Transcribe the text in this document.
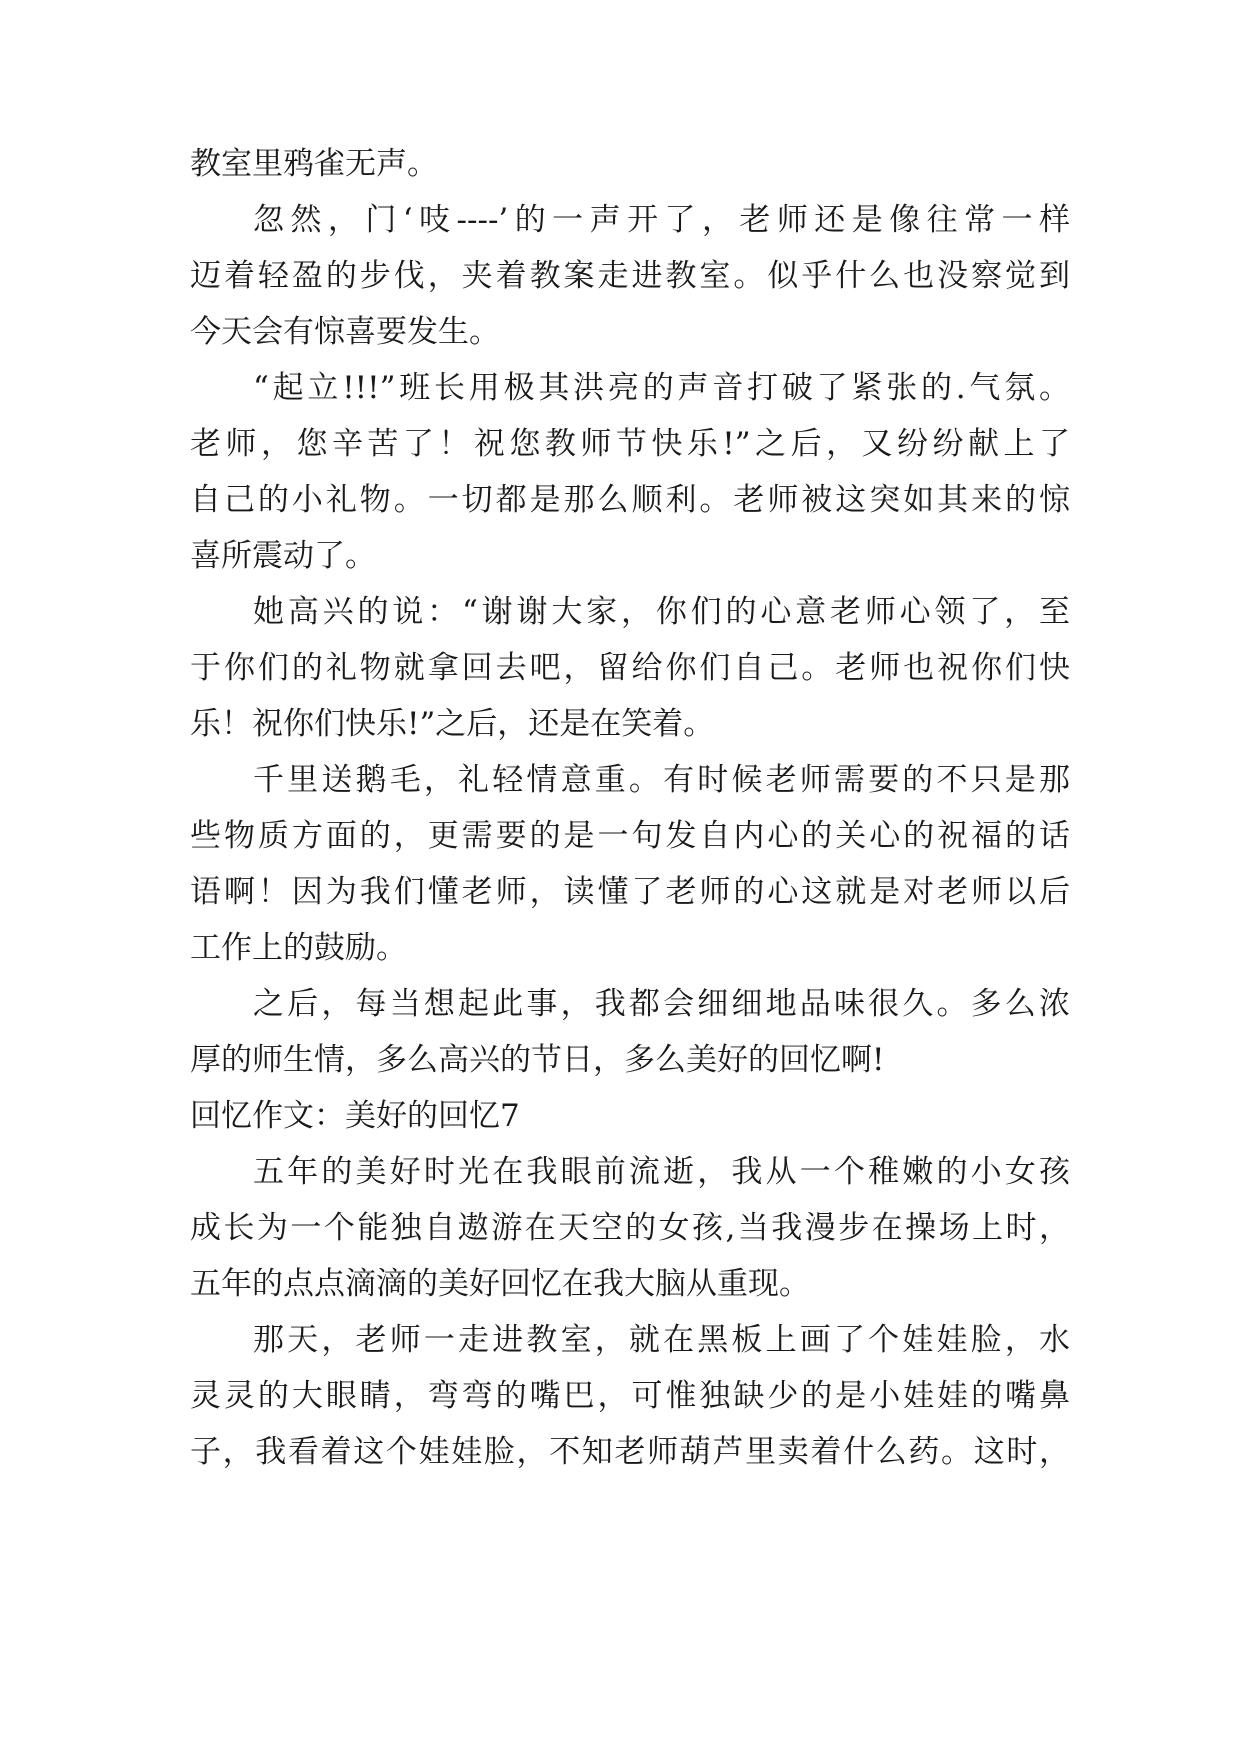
教室里鸦雀无声。
忽然，门‘吱----’的一声开了，老师还是像往常一样
迈着轻盈的步伐，夹着教案走进教室。似乎什么也没察觉到
今天会有惊喜要发生。
“起立!!!”班长用极其洪亮的声音打破了紧张的.气氛。
老师，您辛苦了！祝您教师节快乐!”之后，又纷纷献上了
自己的小礼物。一切都是那么顺利。老师被这突如其来的惊
喜所震动了。
她高兴的说：“谢谢大家，你们的心意老师心领了，至
于你们的礼物就拿回去吧，留给你们自己。老师也祝你们快
乐！祝你们快乐!”之后，还是在笑着。
千里送鹅毛，礼轻情意重。有时候老师需要的不只是那
些物质方面的，更需要的是一句发自内心的关心的祝福的话
语啊！因为我们懂老师，读懂了老师的心这就是对老师以后
工作上的鼓励。
之后，每当想起此事，我都会细细地品味很久。多么浓
厚的师生情，多么高兴的节日，多么美好的回忆啊!
回忆作文：美好的回忆7
五年的美好时光在我眼前流逝，我从一个稚嫩的小女孩
成长为一个能独自遨游在天空的女孩,当我漫步在操场上时，
五年的点点滴滴的美好回忆在我大脑从重现。
那天，老师一走进教室，就在黑板上画了个娃娃脸，水
灵灵的大眼睛，弯弯的嘴巴，可惟独缺少的是小娃娃的嘴鼻
子，我看着这个娃娃脸，不知老师葫芦里卖着什么药。这时，
